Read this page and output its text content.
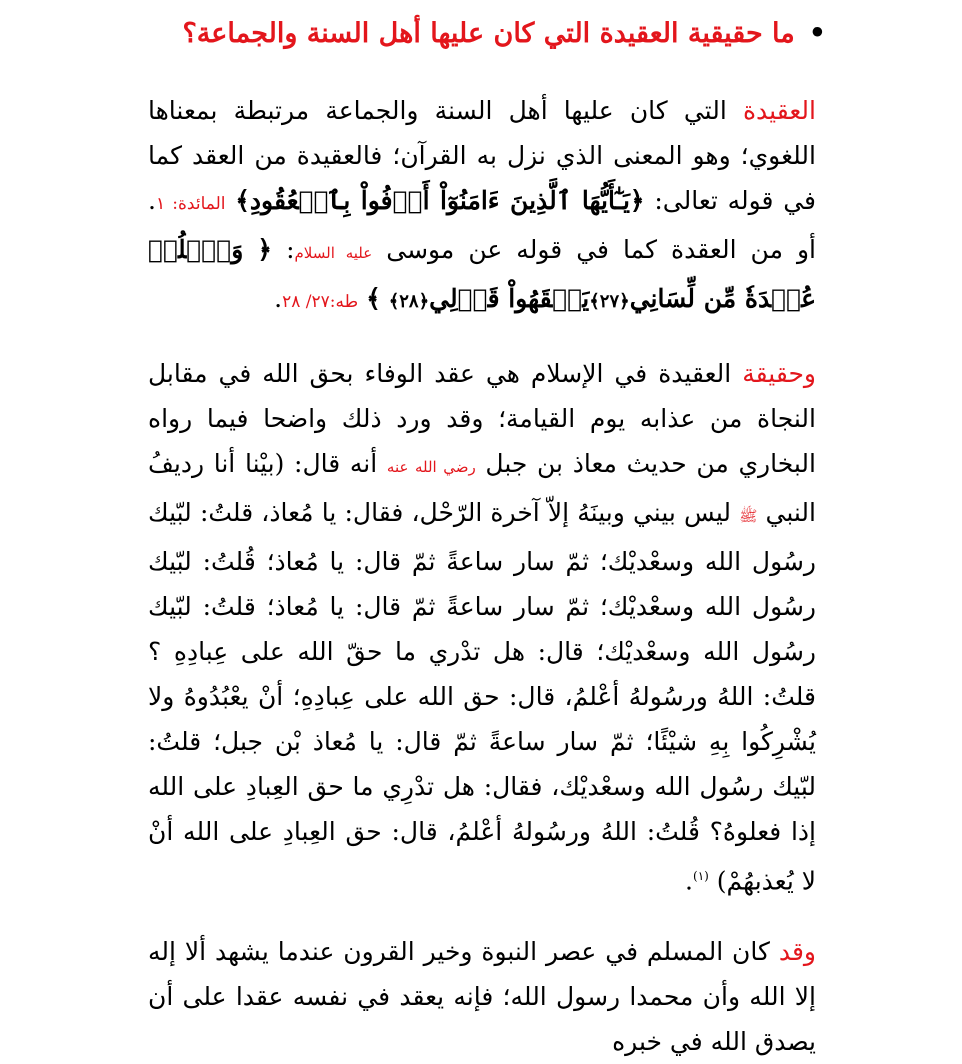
•ما حقيقية العقيدة التي كان عليها أهل السنة والجماعة؟

العقيدة التي كان عليها أهل السنة والجماعة مرتبطة بمعناها اللغوي؛ وهو المعنى الذي نزل به القرآن؛ فالعقيدة من العقد كما في قوله تعالى: ﴿يَـٰٓأَيُّهَا ٱلَّذِينَ ءَامَنُوٓاْ أَوۡفُواْ بِٱلۡعُقُودِ﴾ المائدة: ١. أو من العقدة كما في قوله عن موسى عليه السلام: ﴿ وَٱحۡلُلۡ عُقۡدَةٗ مِّن لِّسَانِي﴿٢٧﴾يَفۡقَهُواْ قَوۡلِي﴿٢٨﴾ ﴾ طه:٢٧/ ٢٨.

وحقيقة العقيدة في الإسلام هي عقد الوفاء بحق الله في مقابل النجاة من عذابه يوم القيامة؛ وقد ورد ذلك واضحا فيما رواه البخاري من حديث معاذ بن جبل رضي الله عنه أنه قال: (بيْنا أنا رديفُ النبي ﷺ ليس بيني وبينَهُ إلاّ آخرة الرّحْل، فقال: يا مُعاذ، قلتُ: لبّيك رسُول الله وسعْديْك؛ ثمّ سار ساعةً ثمّ قال: يا مُعاذ؛ قُلتُ: لبّيك رسُول الله وسعْديْك؛ ثمّ سار ساعةً ثمّ قال: يا مُعاذ؛ قلتُ: لبّيك رسُول الله وسعْديْك؛ قال: هل تدْري ما حقّ الله على عِبادِهِ ؟ قلتُ: اللهُ ورسُولهُ أعْلمُ، قال: حق الله على عِبادِهِ؛ أنْ يعْبُدُوهُ ولا يُشْرِكُوا بِهِ شيْئًا؛ ثمّ سار ساعةً ثمّ قال: يا مُعاذ بْن جبل؛ قلتُ: لبّيك رسُول الله وسعْديْك، فقال: هل تدْرِي ما حق العِبادِ على الله إذا فعلوهُ؟ قُلتُ: اللهُ ورسُولهُ أعْلمُ، قال: حق العِبادِ على الله أنْ لا يُعذبهُمْ) $^{(١)}$.

وقد كان المسلم في عصر النبوة وخير القرون عندما يشهد ألا إله إلا الله وأن محمدا رسول الله؛ فإنه يعقد في نفسه عقدا على أن يصدق الله في خبره
